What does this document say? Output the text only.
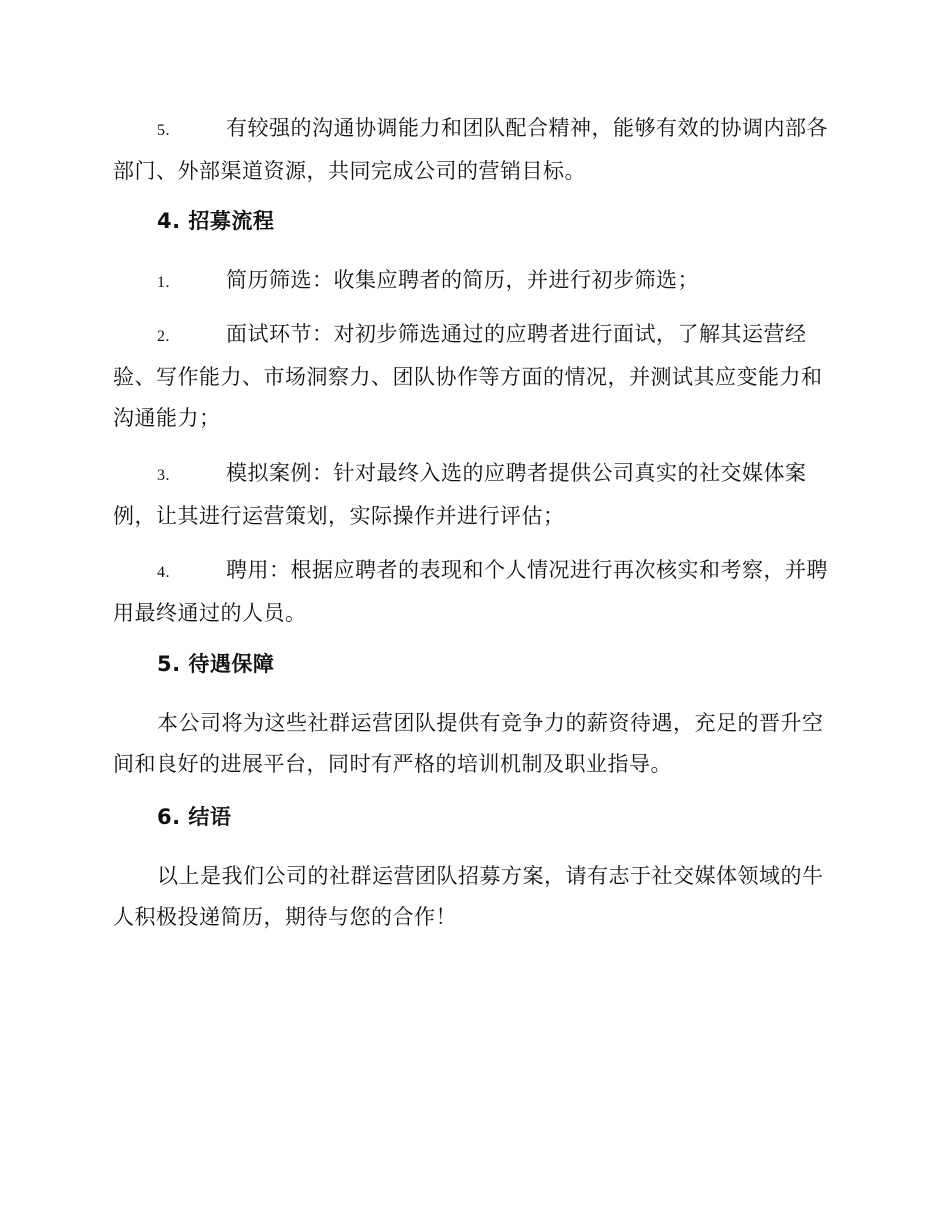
5.	有较强的沟通协调能力和团队配合精神，能够有效的协调内部各部门、外部渠道资源，共同完成公司的营销目标。
4. 招募流程
1.	简历筛选：收集应聘者的简历，并进行初步筛选；
2.	面试环节：对初步筛选通过的应聘者进行面试，了解其运营经验、写作能力、市场洞察力、团队协作等方面的情况，并测试其应变能力和沟通能力；
3.	模拟案例：针对最终入选的应聘者提供公司真实的社交媒体案例，让其进行运营策划，实际操作并进行评估；
4.	聘用：根据应聘者的表现和个人情况进行再次核实和考察，并聘用最终通过的人员。
5. 待遇保障
本公司将为这些社群运营团队提供有竞争力的薪资待遇，充足的晋升空间和良好的进展平台，同时有严格的培训机制及职业指导。
6. 结语
以上是我们公司的社群运营团队招募方案，请有志于社交媒体领域的牛人积极投递简历，期待与您的合作！
